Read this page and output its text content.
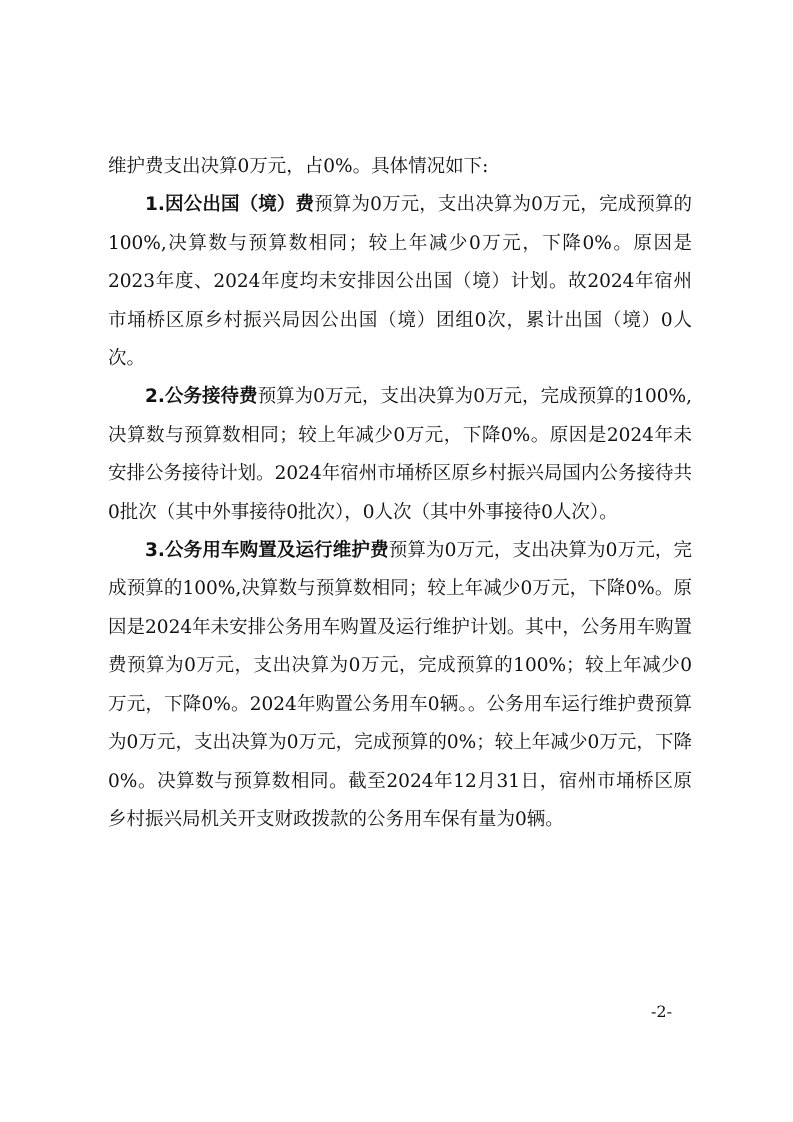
维护费支出决算0万元，占0%。具体情况如下:

1.因公出国（境）费预算为0万元，支出决算为0万元，完成预算的100%,决算数与预算数相同；较上年减少0万元，下降0%。原因是2023年度、2024年度均未安排因公出国（境）计划。故2024年宿州市埇桥区原乡村振兴局因公出国（境）团组0次，累计出国（境）0人次。

2.公务接待费预算为0万元，支出决算为0万元，完成预算的100%,决算数与预算数相同；较上年减少0万元，下降0%。原因是2024年未安排公务接待计划。2024年宿州市埇桥区原乡村振兴局国内公务接待共0批次（其中外事接待0批次），0人次（其中外事接待0人次）。

3.公务用车购置及运行维护费预算为0万元，支出决算为0万元，完成预算的100%,决算数与预算数相同；较上年减少0万元，下降0%。原因是2024年未安排公务用车购置及运行维护计划。其中，公务用车购置费预算为0万元，支出决算为0万元，完成预算的100%；较上年减少0万元，下降0%。2024年购置公务用车0辆。。公务用车运行维护费预算为0万元，支出决算为0万元，完成预算的0%；较上年减少0万元，下降0%。决算数与预算数相同。截至2024年12月31日，宿州市埇桥区原乡村振兴局机关开支财政拨款的公务用车保有量为0辆。

-2-
